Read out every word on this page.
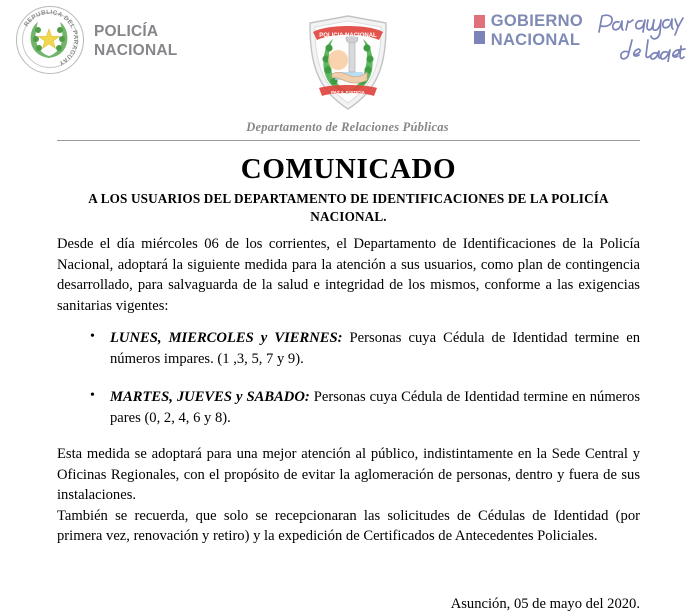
REPUBLICA DEL PARAGUAY
POLICÍA
NACIONAL
POLICIA NACIONAL
PAZ Y JUSTICIA
GOBIERNO
NACIONAL
Departamento de Relaciones Públicas
COMUNICADO
A LOS USUARIOS DEL DEPARTAMENTO DE IDENTIFICACIONES DE LA POLICÍA NACIONAL.

Desde el día miércoles 06 de los corrientes, el Departamento de Identificaciones de la Policía Nacional, adoptará la siguiente medida para la atención a sus usuarios, como plan de contingencia desarrollado, para salvaguarda de la salud e integridad de los mismos, conforme a las exigencias sanitarias vigentes:

• LUNES, MIERCOLES y VIERNES: Personas cuya Cédula de Identidad termine en números impares. (1 ,3, 5, 7 y 9).
• MARTES, JUEVES y SABADO: Personas cuya Cédula de Identidad termine en números pares (0, 2, 4, 6 y 8).

Esta medida se adoptará para una mejor atención al público, indistintamente en la Sede Central y Oficinas Regionales, con el propósito de evitar la aglomeración de personas, dentro y fuera de sus instalaciones.

También se recuerda, que solo se recepcionaran las solicitudes de Cédulas de Identidad (por primera vez, renovación y retiro) y la expedición de Certificados de Antecedentes Policiales.

Asunción, 05 de mayo del 2020.
